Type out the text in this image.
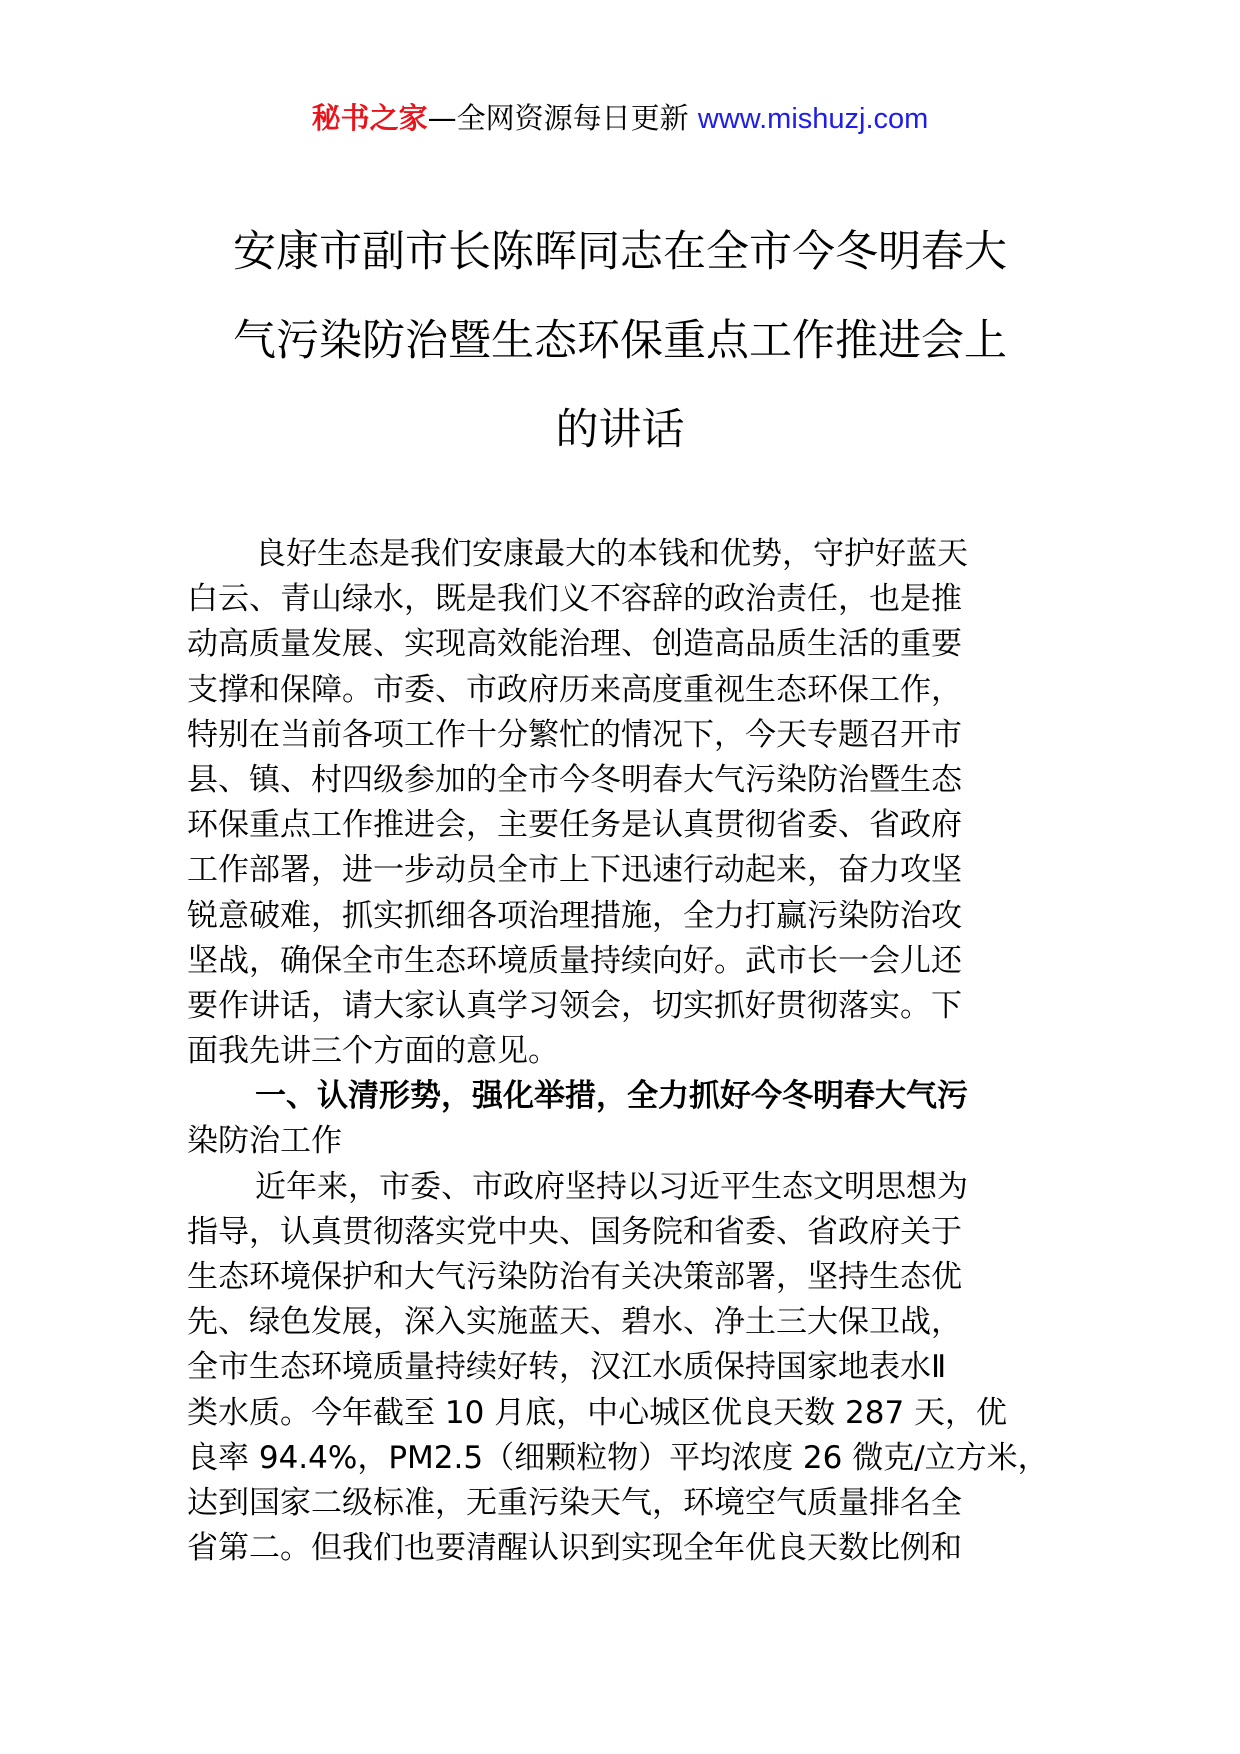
秘书之家—全网资源每日更新 www.mishuzj.com
安康市副市长陈晖同志在全市今冬明春大
气污染防治暨生态环保重点工作推进会上
的讲话
良好生态是我们安康最大的本钱和优势，守护好蓝天
白云、青山绿水，既是我们义不容辞的政治责任，也是推
动高质量发展、实现高效能治理、创造高品质生活的重要
支撑和保障。市委、市政府历来高度重视生态环保工作，
特别在当前各项工作十分繁忙的情况下，今天专题召开市
县、镇、村四级参加的全市今冬明春大气污染防治暨生态
环保重点工作推进会，主要任务是认真贯彻省委、省政府
工作部署，进一步动员全市上下迅速行动起来，奋力攻坚
锐意破难，抓实抓细各项治理措施，全力打赢污染防治攻
坚战，确保全市生态环境质量持续向好。武市长一会儿还
要作讲话，请大家认真学习领会，切实抓好贯彻落实。下
面我先讲三个方面的意见。
一、认清形势，强化举措，全力抓好今冬明春大气污
染防治工作
近年来，市委、市政府坚持以习近平生态文明思想为
指导，认真贯彻落实党中央、国务院和省委、省政府关于
生态环境保护和大气污染防治有关决策部署，坚持生态优
先、绿色发展，深入实施蓝天、碧水、净土三大保卫战，
全市生态环境质量持续好转，汉江水质保持国家地表水Ⅱ
类水质。今年截至 10 月底，中心城区优良天数 287 天，优
良率 94.4%，PM2.5（细颗粒物）平均浓度 26 微克/立方米，
达到国家二级标准，无重污染天气，环境空气质量排名全
省第二。但我们也要清醒认识到实现全年优良天数比例和
